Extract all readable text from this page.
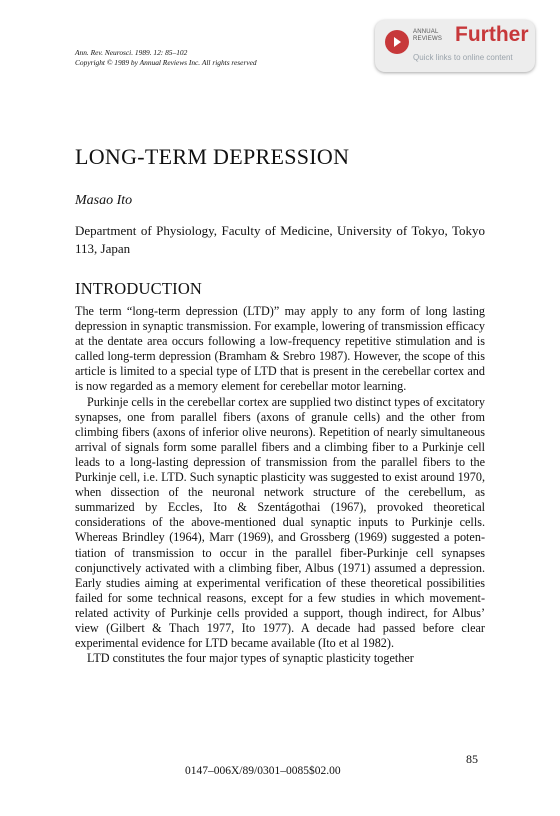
Ann. Rev. Neurosci. 1989. 12: 85–102
Copyright © 1989 by Annual Reviews Inc. All rights reserved
ANNUAL
REVIEWS Further
Quick links to online content
LONG-TERM DEPRESSION
Masao Ito
Department of Physiology, Faculty of Medicine, University of Tokyo, Tokyo 113, Japan
INTRODUCTION

The term “long-term depression (LTD)” may apply to any form of long lasting depression in synaptic transmission. For example, lowering of transmission efficacy at the dentate area occurs following a low-frequency repetitive stimulation and is called long-term depression (Bramham & Srebro 1987). However, the scope of this article is limited to a special type of LTD that is present in the cerebellar cortex and is now regarded as a memory element for cerebellar motor learning.

Purkinje cells in the cerebellar cortex are supplied two distinct types of excitatory synapses, one from parallel fibers (axons of granule cells) and the other from climbing fibers (axons of inferior olive neurons). Repetition of nearly simultaneous arrival of signals form some parallel fibers and a climbing fiber to a Purkinje cell leads to a long-lasting depression of transmission from the parallel fibers to the Purkinje cell, i.e. LTD. Such synaptic plasticity was suggested to exist around 1970, when dissection of the neuronal network structure of the cerebellum, as summarized by Eccles, Ito & Szentágothai (1967), provoked theoretical considerations of the above-mentioned dual synaptic inputs to Purkinje cells. Whereas Brindley (1964), Marr (1969), and Grossberg (1969) suggested a potentiation of transmission to occur in the parallel fiber-Purkinje cell synapses conjunctively activated with a climbing fiber, Albus (1971) assumed a depression. Early studies aiming at experimental verification of these theoretical possibilities failed for some technical reasons, except for a few studies in which movement-related activity of Purkinje cells provided a support, though indirect, for Albus’ view (Gilbert & Thach 1977, Ito 1977). A decade had passed before clear experimental evidence for LTD became available (Ito et al 1982).

LTD constitutes the four major types of synaptic plasticity together

85
0147–006X/89/0301–0085$02.00
